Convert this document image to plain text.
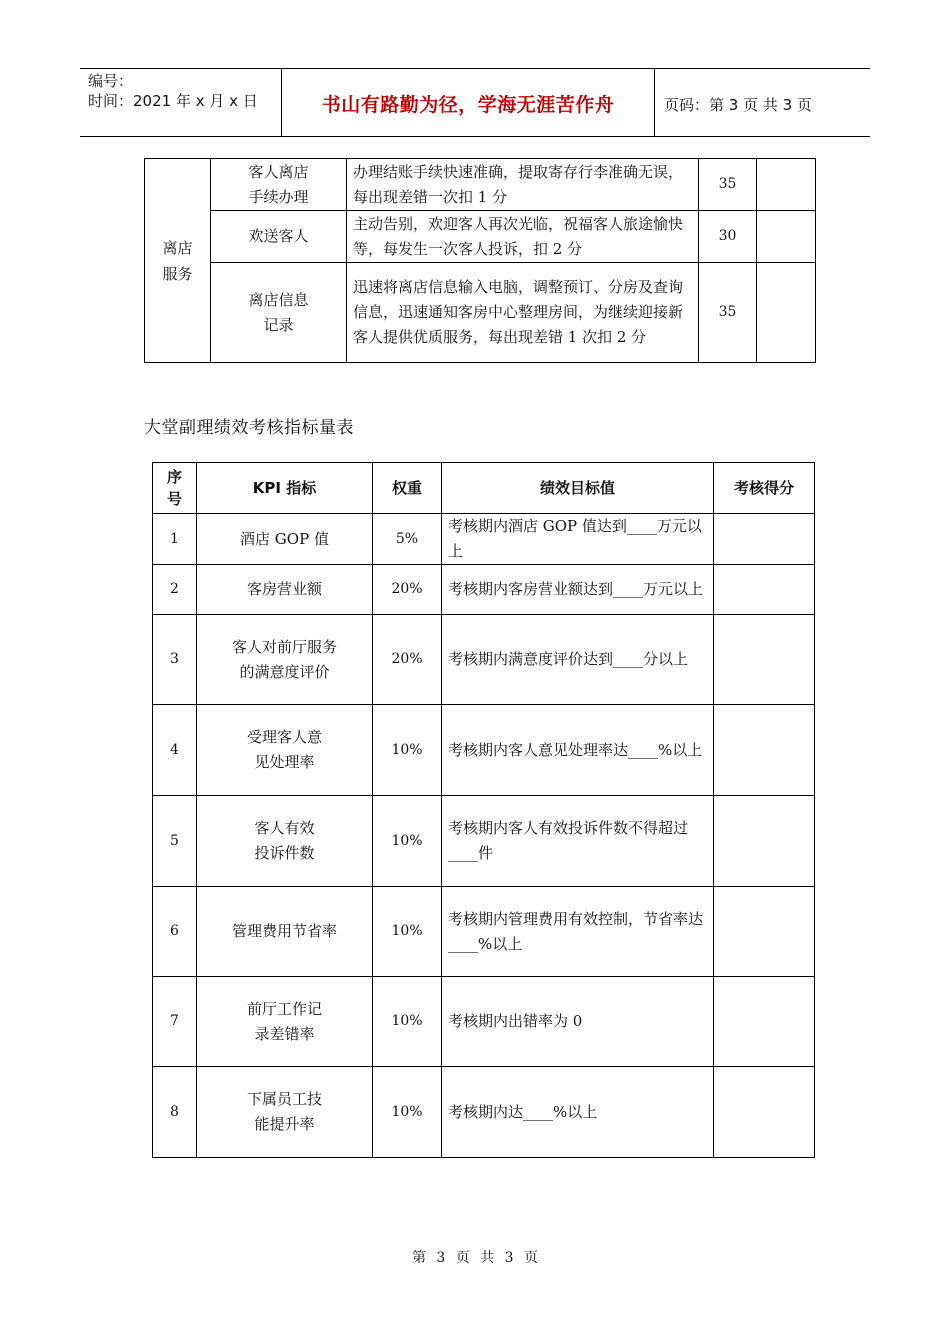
编号：
时间：2021 年 x 月 x 日	书山有路勤为径，学海无涯苦作舟	页码：第 3 页 共 3 页
离店服务	客人离店手续办理	办理结账手续快速准确，提取寄存行李准确无误，每出现差错一次扣 1 分	35	

	欢送客人	主动告别，欢迎客人再次光临，祝福客人旅途愉快等，每发生一次客人投诉，扣 2 分	30	

	离店信息记录	迅速将离店信息输入电脑，调整预订、分房及查询信息，迅速通知客房中心整理房间，为继续迎接新客人提供优质服务，每出现差错 1 次扣 2 分	35	
大堂副理绩效考核指标量表
序号	KPI 指标	权重	绩效目标值	考核得分
1	酒店 GOP 值	5%	考核期内酒店 GOP 值达到____万元以上	
2	客房营业额	20%	考核期内客房营业额达到____万元以上	
3	客人对前厅服务的满意度评价	20%	考核期内满意度评价达到____分以上	
4	受理客人意见处理率	10%	考核期内客人意见处理率达____%以上	
5	客人有效投诉件数	10%	考核期内客人有效投诉件数不得超过____件	
6	管理费用节省率	10%	考核期内管理费用有效控制，节省率达____%以上	
7	前厅工作记录差错率	10%	考核期内出错率为 0	
8	下属员工技能提升率	10%	考核期内达____%以上	
第 3 页 共 3 页
